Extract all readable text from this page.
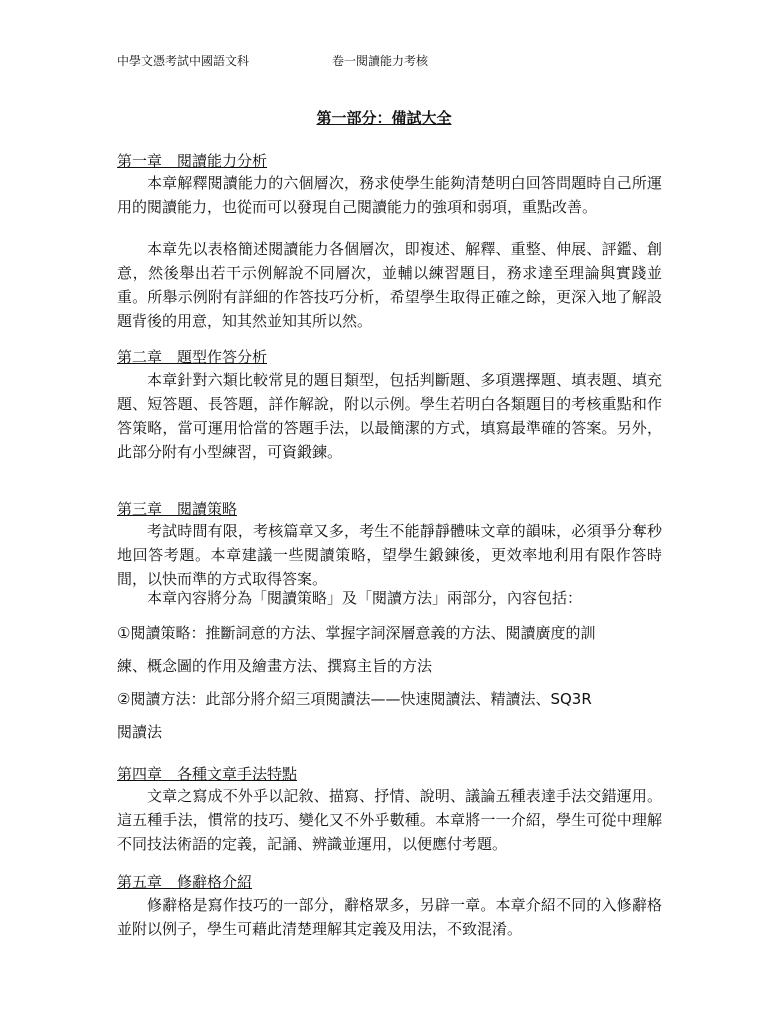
中學文憑考試中國語文科	卷一閱讀能力考核
第一部分：備試大全
第一章　閱讀能力分析
本章解釋閱讀能力的六個層次，務求使學生能夠清楚明白回答問題時自己所運用的閱讀能力，也從而可以發現自己閱讀能力的強項和弱項，重點改善。
本章先以表格簡述閱讀能力各個層次，即複述、解釋、重整、伸展、評鑑、創意，然後舉出若干示例解說不同層次，並輔以練習題目，務求達至理論與實踐並重。所舉示例附有詳細的作答技巧分析，希望學生取得正確之餘，更深入地了解設題背後的用意，知其然並知其所以然。
第二章　題型作答分析
本章針對六類比較常見的題目類型，包括判斷題、多項選擇題、填表題、填充題、短答題、長答題，詳作解說，附以示例。學生若明白各類題目的考核重點和作答策略，當可運用恰當的答題手法，以最簡潔的方式，填寫最準確的答案。另外，此部分附有小型練習，可資鍛鍊。
第三章　閱讀策略
考試時間有限，考核篇章又多，考生不能靜靜體味文章的韻味，必須爭分奪秒地回答考題。本章建議一些閱讀策略，望學生鍛鍊後，更效率地利用有限作答時間，以快而準的方式取得答案。
本章內容將分為「閱讀策略」及「閱讀方法」兩部分，內容包括：
①閱讀策略：推斷詞意的方法、掌握字詞深層意義的方法、閱讀廣度的訓
練、概念圖的作用及繪畫方法、撰寫主旨的方法
②閱讀方法：此部分將介紹三項閱讀法——快速閱讀法、精讀法、SQ3R
閱讀法
第四章　各種文章手法特點
文章之寫成不外乎以記敘、描寫、抒情、說明、議論五種表達手法交錯運用。這五種手法，慣常的技巧、變化又不外乎數種。本章將一一介紹，學生可從中理解不同技法術語的定義，記誦、辨識並運用，以便應付考題。
第五章　修辭格介紹
修辭格是寫作技巧的一部分，辭格眾多，另辟一章。本章介紹不同的入修辭格並附以例子，學生可藉此清楚理解其定義及用法，不致混淆。
